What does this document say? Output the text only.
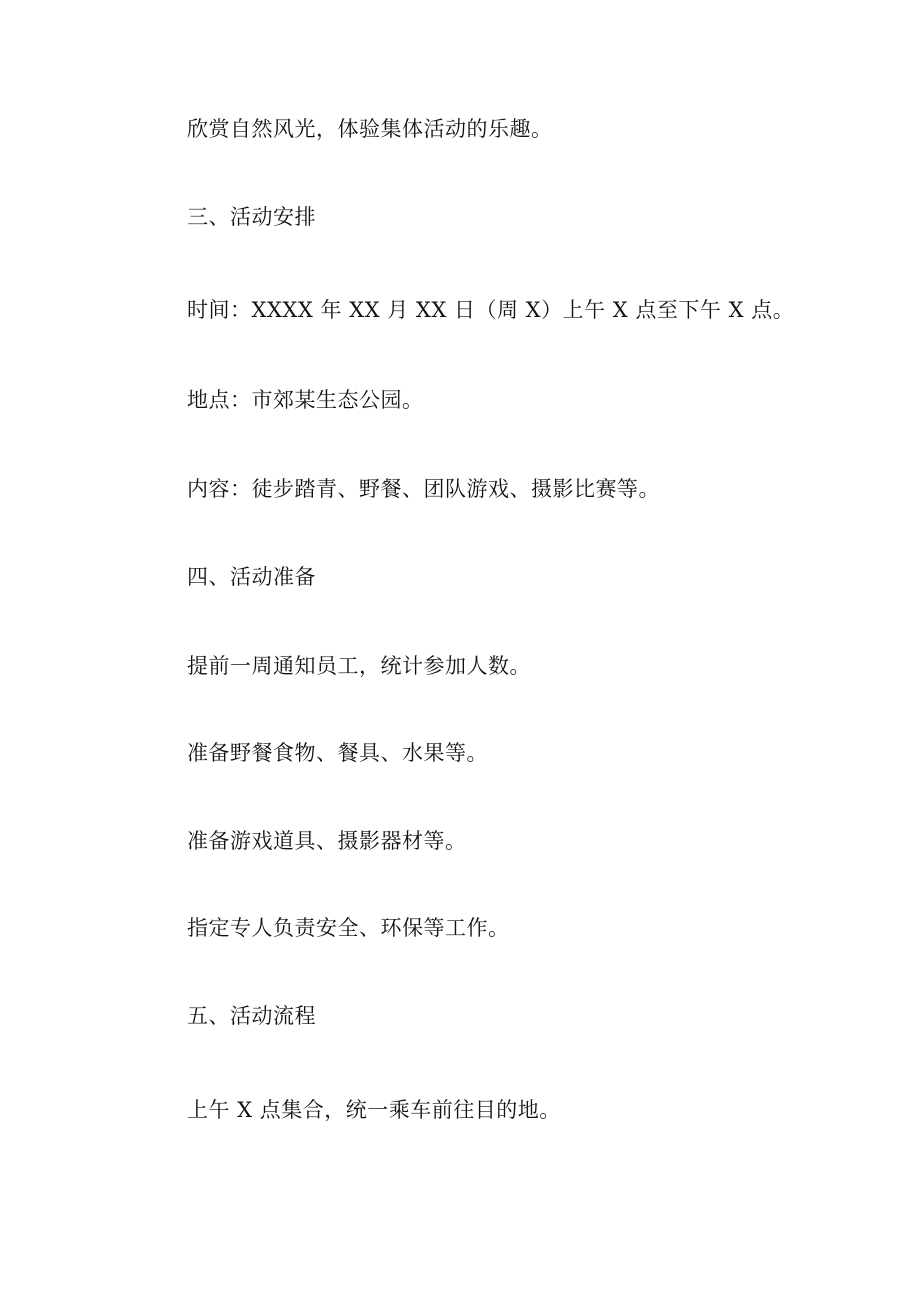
欣赏自然风光，体验集体活动的乐趣。

三、活动安排

时间：XXXX 年 XX 月 XX 日（周 X）上午 X 点至下午 X 点。

地点：市郊某生态公园。

内容：徒步踏青、野餐、团队游戏、摄影比赛等。

四、活动准备

提前一周通知员工，统计参加人数。

准备野餐食物、餐具、水果等。

准备游戏道具、摄影器材等。

指定专人负责安全、环保等工作。

五、活动流程

上午 X 点集合，统一乘车前往目的地。
